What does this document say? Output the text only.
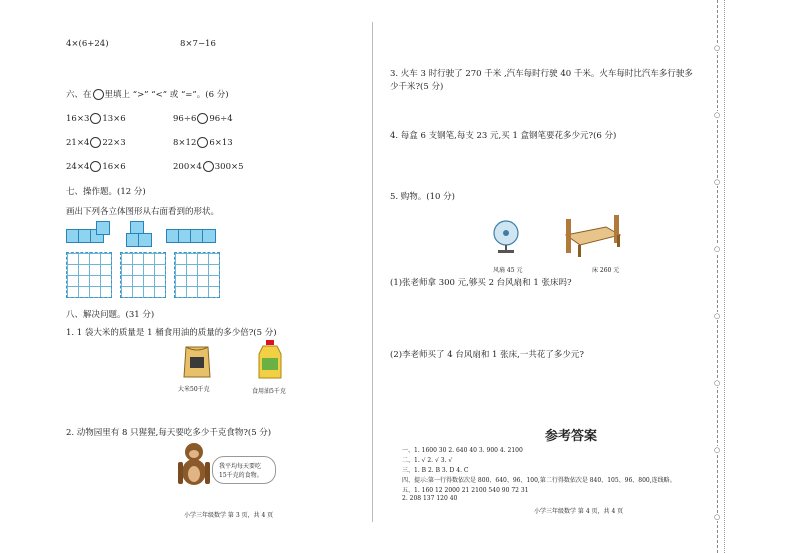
4×(6+24)	8×7−16
六、在 里填上 “>” “<” 或 “=”。(6 分)
16×3 13×6	96÷6 96÷4
21×4 22×3	8×12 6×13
24×4 16×6	200×4 300×5
七、操作题。(12 分)
画出下列各立体图形从右面看到的形状。
八、解决问题。(31 分)
1. 1 袋大米的质量是 1 桶食用油的质量的多少倍?(5 分)
大米50千克	食用油5千克
2. 动物园里有 8 只猩猩,每天要吃多少千克食物?(5 分)
我平均每天要吃
15千克的食物。
小学三年级数学 第 3 页，共 4 页
3. 火车 3 时行驶了 270 千米 ,汽车每时行驶 40 千米。火车每时比汽车多行驶多
少千米?(5 分)
4. 每盒 6 支钢笔,每支 23 元,买 1 盒钢笔要花多少元?(6 分)
5. 购物。(10 分)
风扇 45 元	床 260 元
(1)张老师拿 300 元,够买 2 台风扇和 1 张床吗?
(2)李老师买了 4 台风扇和 1 张床,一共花了多少元?
参考答案
一、1. 1600 30 2. 640 40 3. 900 4. 2100
二、1. √ 2. √ 3. √
三、1. B 2. B 3. D 4. C
四、提示:第一行得数依次是 800、640、96、100,第二行得数依次是 840、105、96、800,连线略。
五、1. 160 12 2000 21 2100 540 90 72 31
2. 208 137 120 40
小学三年级数学 第 4 页，共 4 页
○
○
○
○
○
○
○
○
